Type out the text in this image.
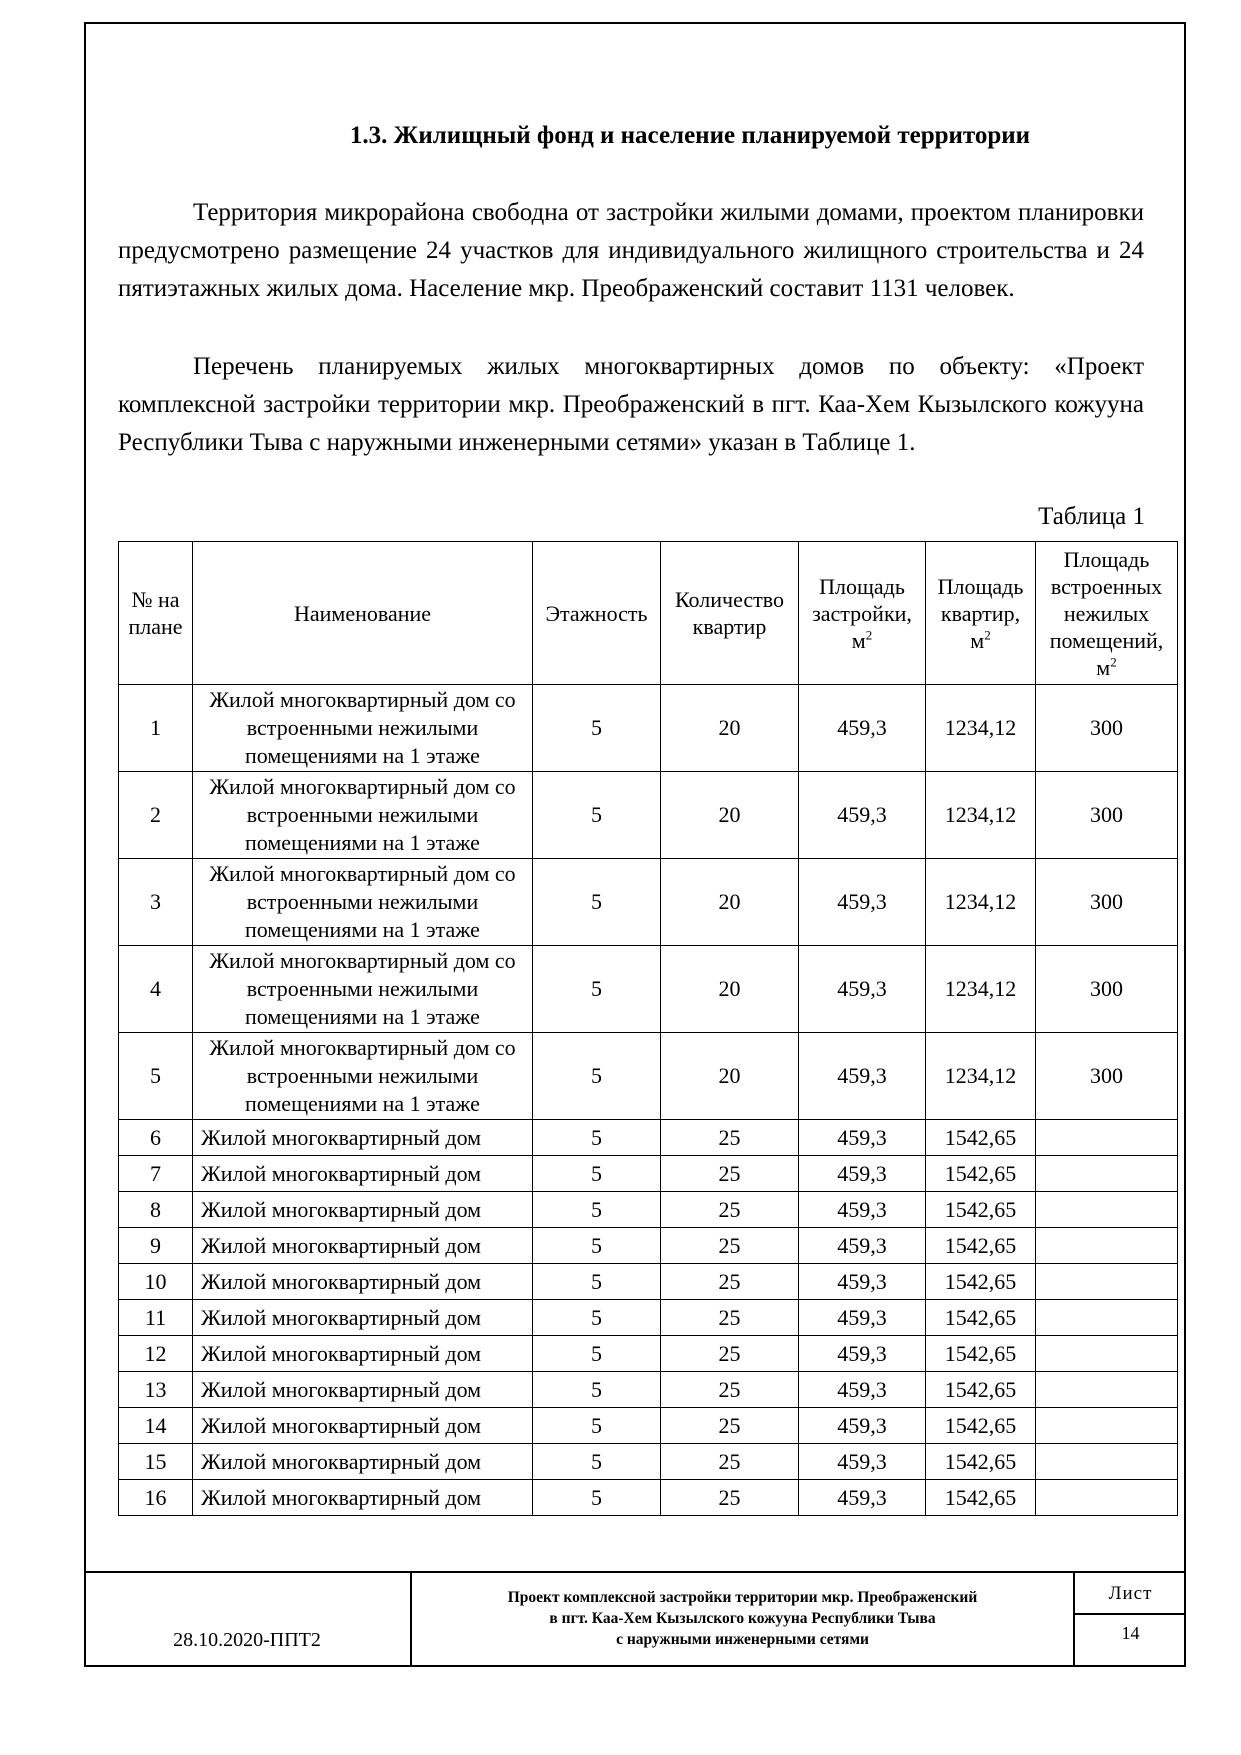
1.3. Жилищный фонд и население планируемой территории

Территория микрорайона свободна от застройки жилыми домами, проектом планировки предусмотрено размещение 24 участков для индивидуального жилищного строительства и 24 пятиэтажных жилых дома. Население мкр. Преображенский составит 1131 человек.

Перечень планируемых жилых многоквартирных домов по объекту: «Проект комплексной застройки территории мкр. Преображенский в пгт. Каа-Хем Кызылского кожууна Республики Тыва с наружными инженерными сетями» указан в Таблице 1.

Таблица 1
№ на плане	Наименование	Этажность	Количество квартир	Площадь застройки, $м^2$	Площадь квартир, $м^2$	Площадь встроенных нежилых помещений, $м^2$
1	Жилой многоквартирный дом со встроенными нежилыми помещениями на 1 этаже	5	20	459,3	1234,12	300
2	Жилой многоквартирный дом со встроенными нежилыми помещениями на 1 этаже	5	20	459,3	1234,12	300
3	Жилой многоквартирный дом со встроенными нежилыми помещениями на 1 этаже	5	20	459,3	1234,12	300
4	Жилой многоквартирный дом со встроенными нежилыми помещениями на 1 этаже	5	20	459,3	1234,12	300
5	Жилой многоквартирный дом со встроенными нежилыми помещениями на 1 этаже	5	20	459,3	1234,12	300
6	Жилой многоквартирный дом	5	25	459,3	1542,65	
7	Жилой многоквартирный дом	5	25	459,3	1542,65	
8	Жилой многоквартирный дом	5	25	459,3	1542,65	
9	Жилой многоквартирный дом	5	25	459,3	1542,65	
10	Жилой многоквартирный дом	5	25	459,3	1542,65	
11	Жилой многоквартирный дом	5	25	459,3	1542,65	
12	Жилой многоквартирный дом	5	25	459,3	1542,65	
13	Жилой многоквартирный дом	5	25	459,3	1542,65	
14	Жилой многоквартирный дом	5	25	459,3	1542,65	
15	Жилой многоквартирный дом	5	25	459,3	1542,65	
16	Жилой многоквартирный дом	5	25	459,3	1542,65	
28.10.2020-ППТ2
Проект комплексной застройки территории мкр. Преображенский
в пгт. Каа-Хем Кызылского кожууна Республики Тыва
с наружными инженерными сетями
Лист
14
